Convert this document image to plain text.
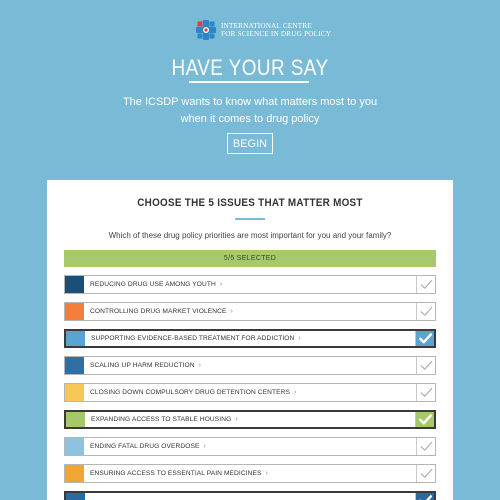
INTERNATIONAL CENTRE
FOR SCIENCE IN DRUG POLICY
HAVE YOUR SAY

The ICSDP wants to know what matters most to you when it comes to drug policy

BEGIN
CHOOSE THE 5 ISSUES THAT MATTER MOST

Which of these drug policy priorities are most important for you and your family?

5/5 SELECTED
REDUCING DRUG USE AMONG YOUTH ›
CONTROLLING DRUG MARKET VIOLENCE ›
SUPPORTING EVIDENCE-BASED TREATMENT FOR ADDICTION ›
SCALING UP HARM REDUCTION ›
CLOSING DOWN COMPULSORY DRUG DETENTION CENTERS ›
EXPANDING ACCESS TO STABLE HOUSING ›
ENDING FATAL DRUG OVERDOSE ›
ENSURING ACCESS TO ESSENTIAL PAIN MEDICINES ›
